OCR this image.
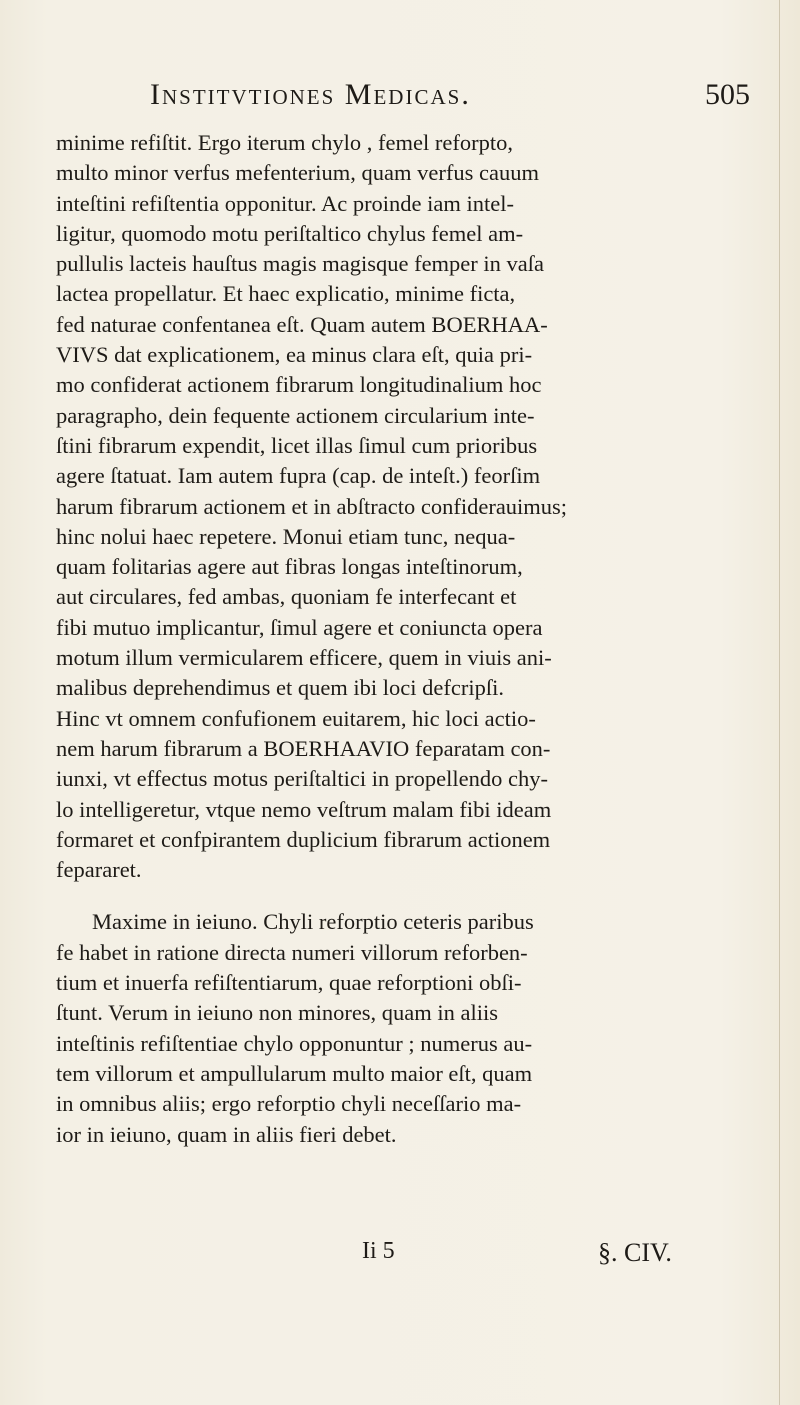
Institvtiones Medicas.	505
minime refiſtit. Ergo iterum chylo , femel reforpto,
multo minor verfus mefenterium, quam verfus cauum
inteſtini refiſtentia opponitur. Ac proinde iam intel-
ligitur, quomodo motu periſtaltico chylus femel am-
pullulis lacteis hauſtus magis magisque femper in vaſa
lactea propellatur. Et haec explicatio, minime ficta,
fed naturae confentanea eſt. Quam autem BOERHAA-
VIVS dat explicationem, ea minus clara eſt, quia pri-
mo confiderat actionem fibrarum longitudinalium hoc
paragrapho, dein fequente actionem circularium inte-
ſtini fibrarum expendit, licet illas ſimul cum prioribus
agere ſtatuat. Iam autem fupra (cap. de inteſt.) feorſim
harum fibrarum actionem et in abſtracto confiderauimus;
hinc nolui haec repetere. Monui etiam tunc, nequa-
quam folitarias agere aut fibras longas inteſtinorum,
aut circulares, fed ambas, quoniam fe interfecant et
fibi mutuo implicantur, ſimul agere et coniuncta opera
motum illum vermicularem efficere, quem in viuis ani-
malibus deprehendimus et quem ibi loci defcripſi.
Hinc vt omnem confufionem euitarem, hic loci actio-
nem harum fibrarum a BOERHAAVIO feparatam con-
iunxi, vt effectus motus periſtaltici in propellendo chy-
lo intelligeretur, vtque nemo veſtrum malam fibi ideam
formaret et confpirantem duplicium fibrarum actionem
fepararet.
Maxime in ieiuno. Chyli reforptio ceteris paribus
fe habet in ratione directa numeri villorum reforben-
tium et inuerfa refiſtentiarum, quae reforptioni obſi-
ſtunt. Verum in ieiuno non minores, quam in aliis
inteſtinis refiſtentiae chylo opponuntur ; numerus au-
tem villorum et ampullularum multo maior eſt, quam
in omnibus aliis; ergo reforptio chyli neceſſario ma-
ior in ieiuno, quam in aliis fieri debet.
Ii 5	§. CIV.
